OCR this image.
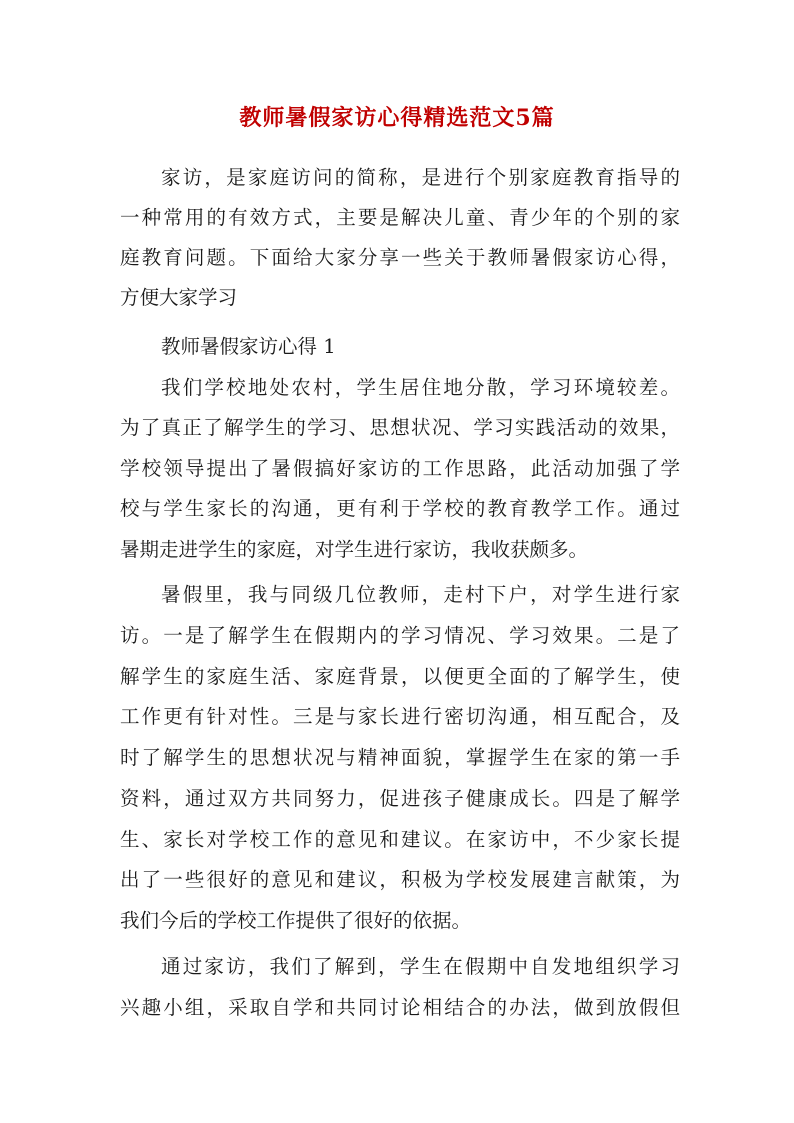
教师暑假家访心得精选范文5篇

家访，是家庭访问的简称，是进行个别家庭教育指导的

一种常用的有效方式，主要是解决儿童、青少年的个别的家

庭教育问题。下面给大家分享一些关于教师暑假家访心得，

方便大家学习

教师暑假家访心得 1

我们学校地处农村，学生居住地分散，学习环境较差。

为了真正了解学生的学习、思想状况、学习实践活动的效果，

学校领导提出了暑假搞好家访的工作思路，此活动加强了学

校与学生家长的沟通，更有利于学校的教育教学工作。通过

暑期走进学生的家庭，对学生进行家访，我收获颇多。

暑假里，我与同级几位教师，走村下户，对学生进行家

访。一是了解学生在假期内的学习情况、学习效果。二是了

解学生的家庭生活、家庭背景，以便更全面的了解学生，使

工作更有针对性。三是与家长进行密切沟通，相互配合，及

时了解学生的思想状况与精神面貌，掌握学生在家的第一手

资料，通过双方共同努力，促进孩子健康成长。四是了解学

生、家长对学校工作的意见和建议。在家访中，不少家长提

出了一些很好的意见和建议，积极为学校发展建言献策，为

我们今后的学校工作提供了很好的依据。

通过家访，我们了解到，学生在假期中自发地组织学习

兴趣小组，采取自学和共同讨论相结合的办法，做到放假但
